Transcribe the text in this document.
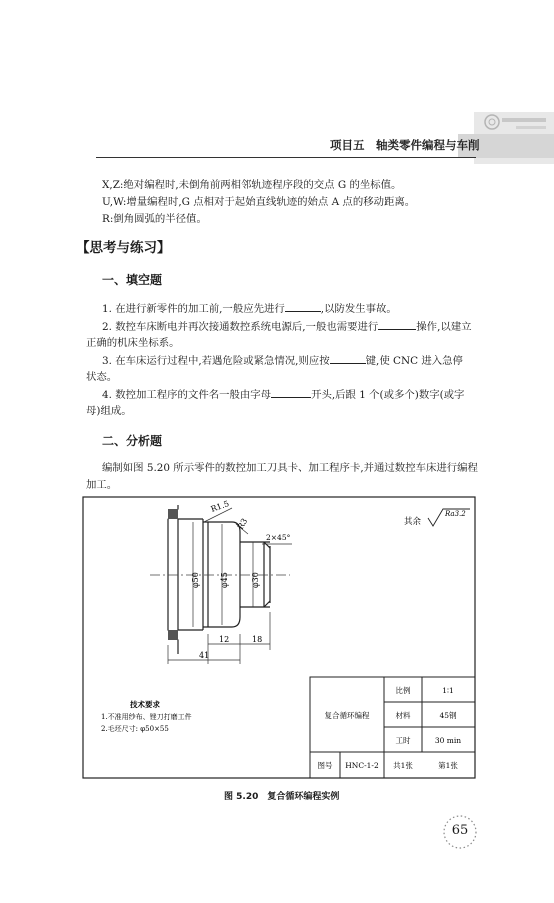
项目五　轴类零件编程与车削
X,Z:绝对编程时,未倒角前两相邻轨迹程序段的交点 G 的坐标值。
U,W:增量编程时,G 点相对于起始直线轨迹的始点 A 点的移动距离。
R:倒角圆弧的半径值。
【思考与练习】
一、填空题
1. 在进行新零件的加工前,一般应先进行	,以防发生事故。
2. 数控车床断电并再次接通数控系统电源后,一般也需要进行	操作,以建立
正确的机床坐标系。
3. 在车床运行过程中,若遇危险或紧急情况,则应按	键,使 CNC 进入急停
状态。
4. 数控加工程序的文件名一般由字母	开头,后跟 1 个(或多个)数字(或字
母)组成。
二、分析题
编制如图 5.20 所示零件的数控加工刀具卡、加工程序卡,并通过数控车床进行编程
加工。
R1.5
R3
2×45°
φ50	φ45	φ30
12	18
41
其余
Ra3.2
技术要求
1.不准用纱布、锉刀打磨工件
2.毛坯尺寸: φ50×55
复合循环编程
比例	1∶1
材料	45钢
工时	30 min
图号 HNC-1-2 共1张	第1张
图 5.20　复合循环编程实例
65
